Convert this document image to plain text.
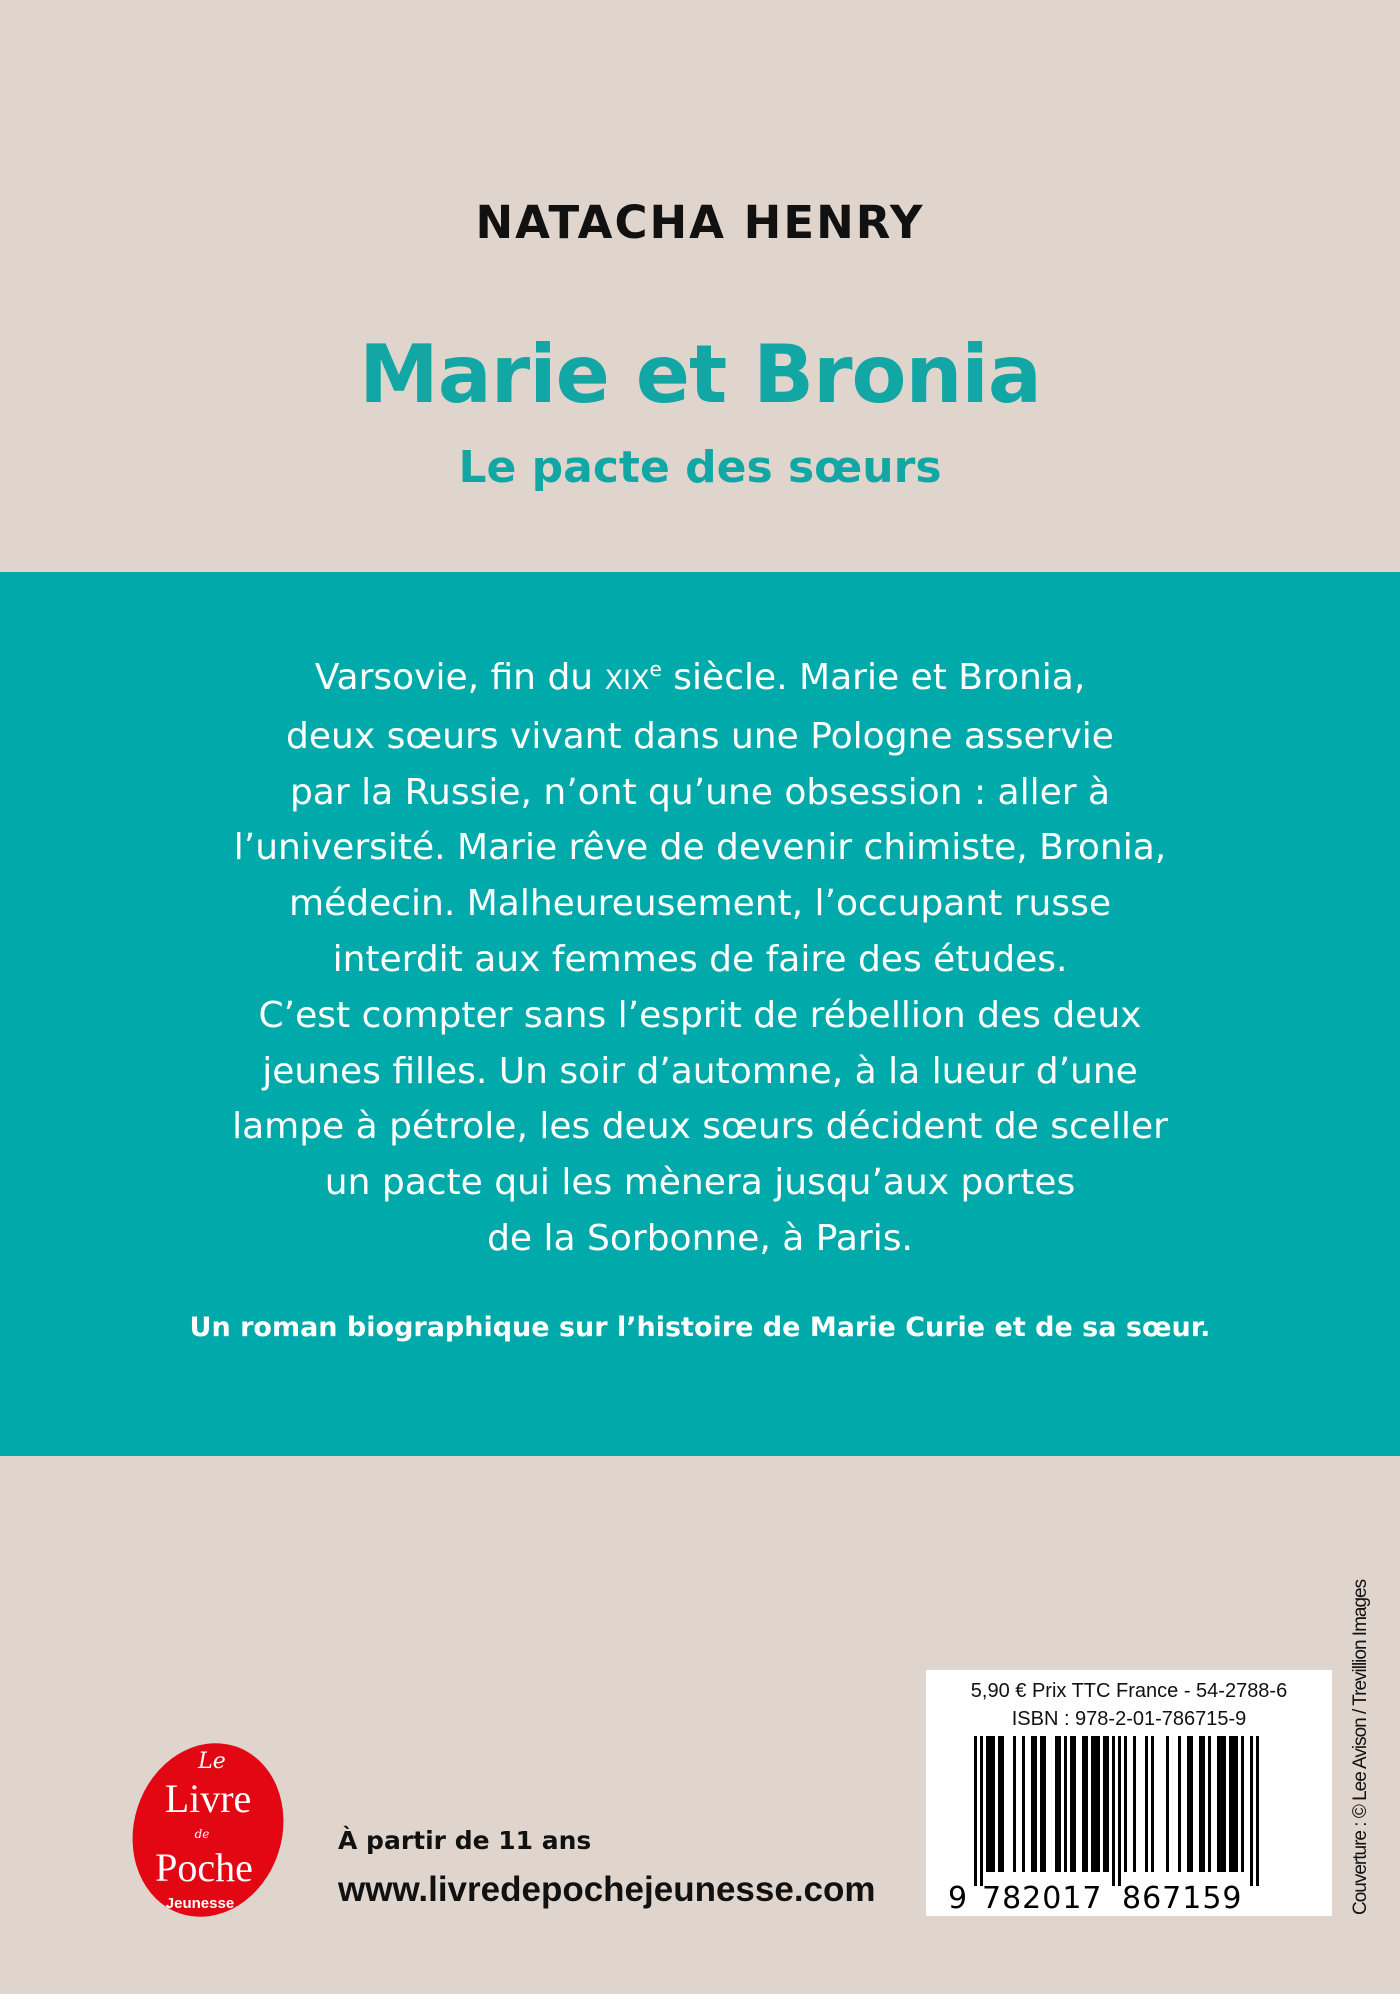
NATACHA HENRY
Marie et Bronia
Le pacte des sœurs
Varsovie, fin du XIXe siècle. Marie et Bronia,
deux sœurs vivant dans une Pologne asservie
par la Russie, n’ont qu’une obsession : aller à
l’université. Marie rêve de devenir chimiste, Bronia,
médecin. Malheureusement, l’occupant russe
interdit aux femmes de faire des études.
C’est compter sans l’esprit de rébellion des deux
jeunes filles. Un soir d’automne, à la lueur d’une
lampe à pétrole, les deux sœurs décident de sceller
un pacte qui les mènera jusqu’aux portes
de la Sorbonne, à Paris.
Un roman biographique sur l’histoire de Marie Curie et de sa sœur.
Le
Livre
de
Poche
Jeunesse
À partir de 11 ans
www.livredepochejeunesse.com
5,90 € Prix TTC France - 54-2788-6
ISBN : 978-2-01-786715-9
9 782017 867159	Couverture : © Lee Avison / Trevillion Images
